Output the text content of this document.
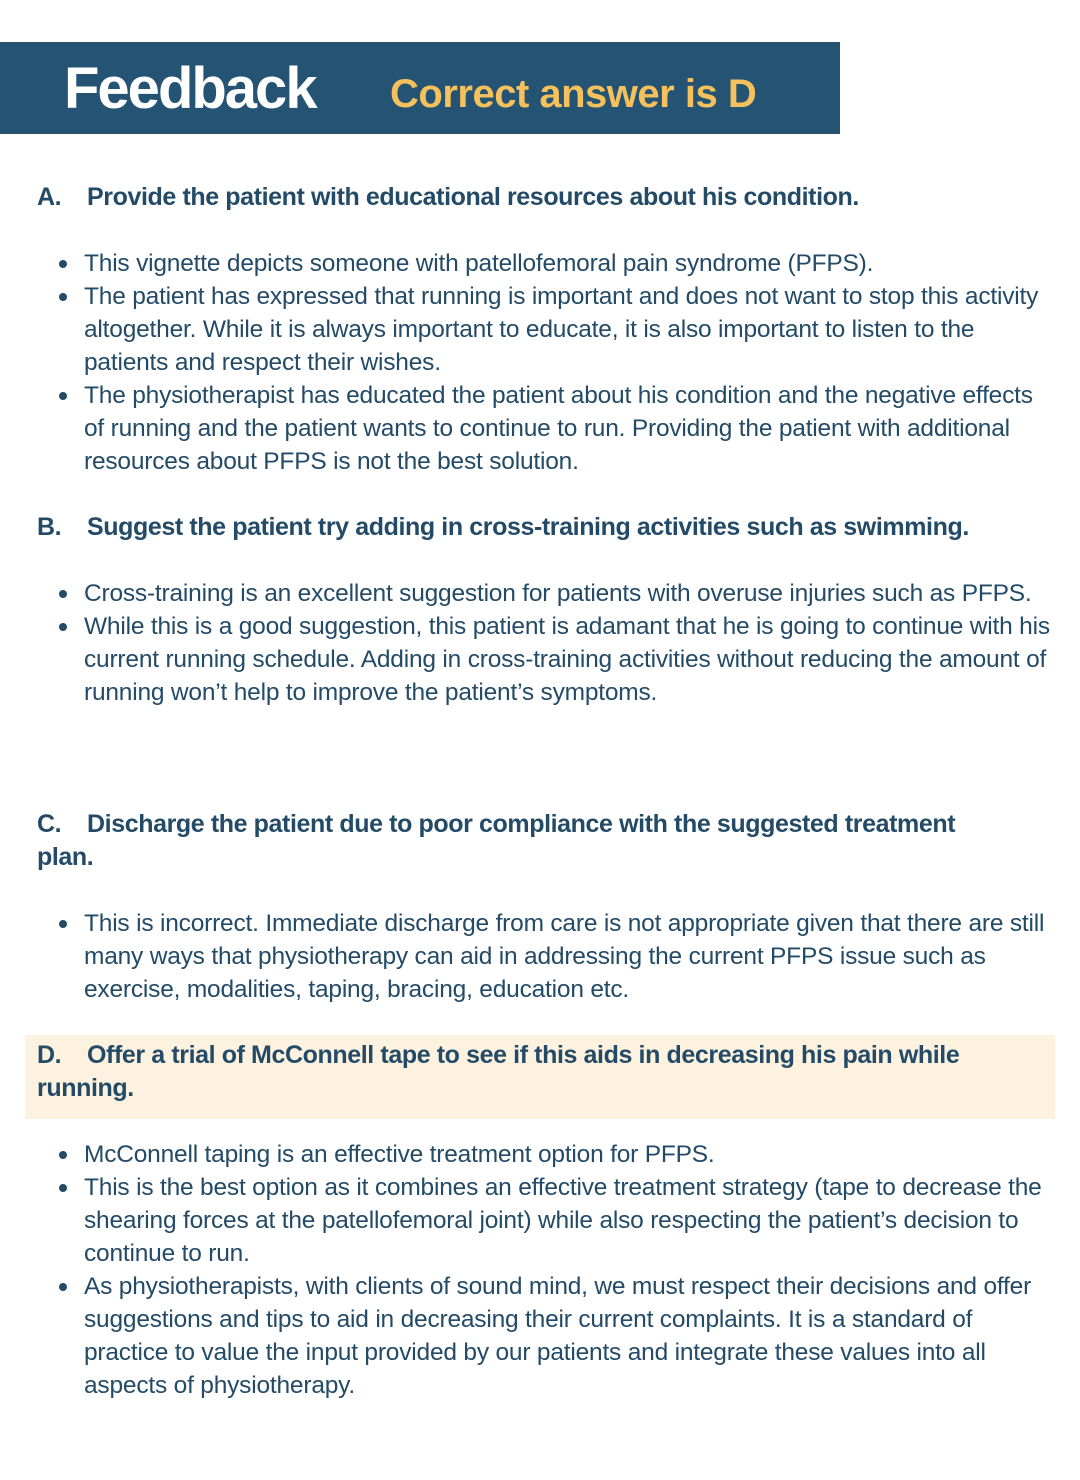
Feedback Correct answer is D

A. Provide the patient with educational resources about his condition.

This vignette depicts someone with patellofemoral pain syndrome (PFPS).
The patient has expressed that running is important and does not want to stop this activity altogether. While it is always important to educate, it is also important to listen to the patients and respect their wishes.
The physiotherapist has educated the patient about his condition and the negative effects of running and the patient wants to continue to run. Providing the patient with additional resources about PFPS is not the best solution.

B. Suggest the patient try adding in cross-training activities such as swimming.

Cross-training is an excellent suggestion for patients with overuse injuries such as PFPS.
While this is a good suggestion, this patient is adamant that he is going to continue with his current running schedule. Adding in cross-training activities without reducing the amount of running won’t help to improve the patient’s symptoms.

C. Discharge the patient due to poor compliance with the suggested treatment plan.

This is incorrect. Immediate discharge from care is not appropriate given that there are still many ways that physiotherapy can aid in addressing the current PFPS issue such as exercise, modalities, taping, bracing, education etc.

D. Offer a trial of McConnell tape to see if this aids in decreasing his pain while running.

McConnell taping is an effective treatment option for PFPS.
This is the best option as it combines an effective treatment strategy (tape to decrease the shearing forces at the patellofemoral joint) while also respecting the patient’s decision to continue to run.
As physiotherapists, with clients of sound mind, we must respect their decisions and offer suggestions and tips to aid in decreasing their current complaints. It is a standard of practice to value the input provided by our patients and integrate these values into all aspects of physiotherapy.
